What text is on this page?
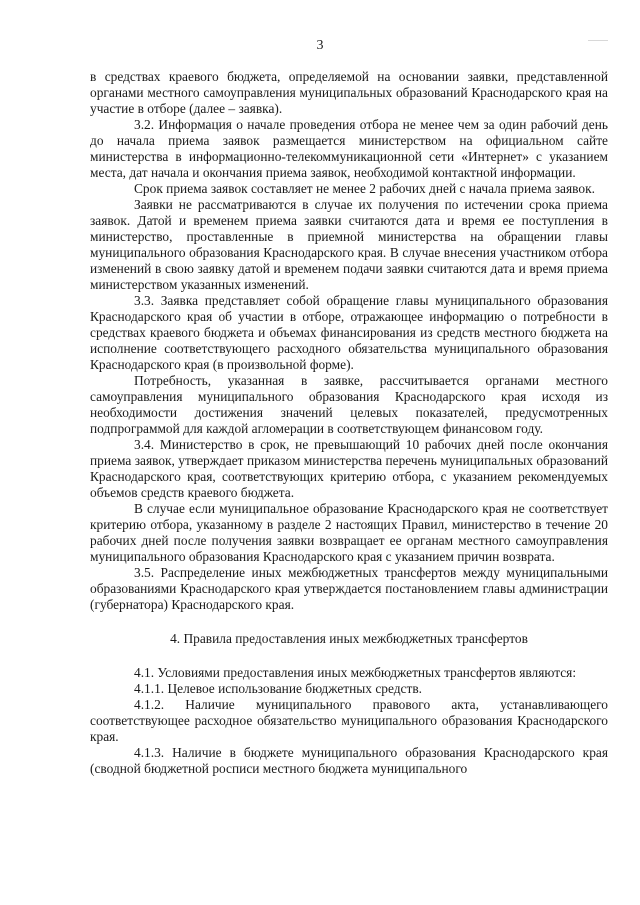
3

в средствах краевого бюджета, определяемой на основании заявки, представленной органами местного самоуправления муниципальных образований Краснодарского края на участие в отборе (далее – заявка).

3.2. Информация о начале проведения отбора не менее чем за один рабочий день до начала приема заявок размещается министерством на официальном сайте министерства в информационно-телекоммуникационной сети «Интернет» с указанием места, дат начала и окончания приема заявок, необходимой контактной информации.

Срок приема заявок составляет не менее 2 рабочих дней с начала приема заявок.

Заявки не рассматриваются в случае их получения по истечении срока приема заявок. Датой и временем приема заявки считаются дата и время ее поступления в министерство, проставленные в приемной министерства на обращении главы муниципального образования Краснодарского края. В случае внесения участником отбора изменений в свою заявку датой и временем подачи заявки считаются дата и время приема министерством указанных изменений.

3.3. Заявка представляет собой обращение главы муниципального образования Краснодарского края об участии в отборе, отражающее информацию о потребности в средствах краевого бюджета и объемах финансирования из средств местного бюджета на исполнение соответствующего расходного обязательства муниципального образования Краснодарского края (в произвольной форме).

Потребность, указанная в заявке, рассчитывается органами местного самоуправления муниципального образования Краснодарского края исходя из необходимости достижения значений целевых показателей, предусмотренных подпрограммой для каждой агломерации в соответствующем финансовом году.

3.4. Министерство в срок, не превышающий 10 рабочих дней после окончания приема заявок, утверждает приказом министерства перечень муниципальных образований Краснодарского края, соответствующих критерию отбора, с указанием рекомендуемых объемов средств краевого бюджета.

В случае если муниципальное образование Краснодарского края не соответствует критерию отбора, указанному в разделе 2 настоящих Правил, министерство в течение 20 рабочих дней после получения заявки возвращает ее органам местного самоуправления муниципального образования Краснодарского края с указанием причин возврата.

3.5. Распределение иных межбюджетных трансфертов между муниципальными образованиями Краснодарского края утверждается постановлением главы администрации (губернатора) Краснодарского края.

4. Правила предоставления иных межбюджетных трансфертов

4.1. Условиями предоставления иных межбюджетных трансфертов являются:

4.1.1. Целевое использование бюджетных средств.

4.1.2. Наличие муниципального правового акта, устанавливающего соответствующее расходное обязательство муниципального образования Краснодарского края.

4.1.3. Наличие в бюджете муниципального образования Краснодарского края (сводной бюджетной росписи местного бюджета муниципального
